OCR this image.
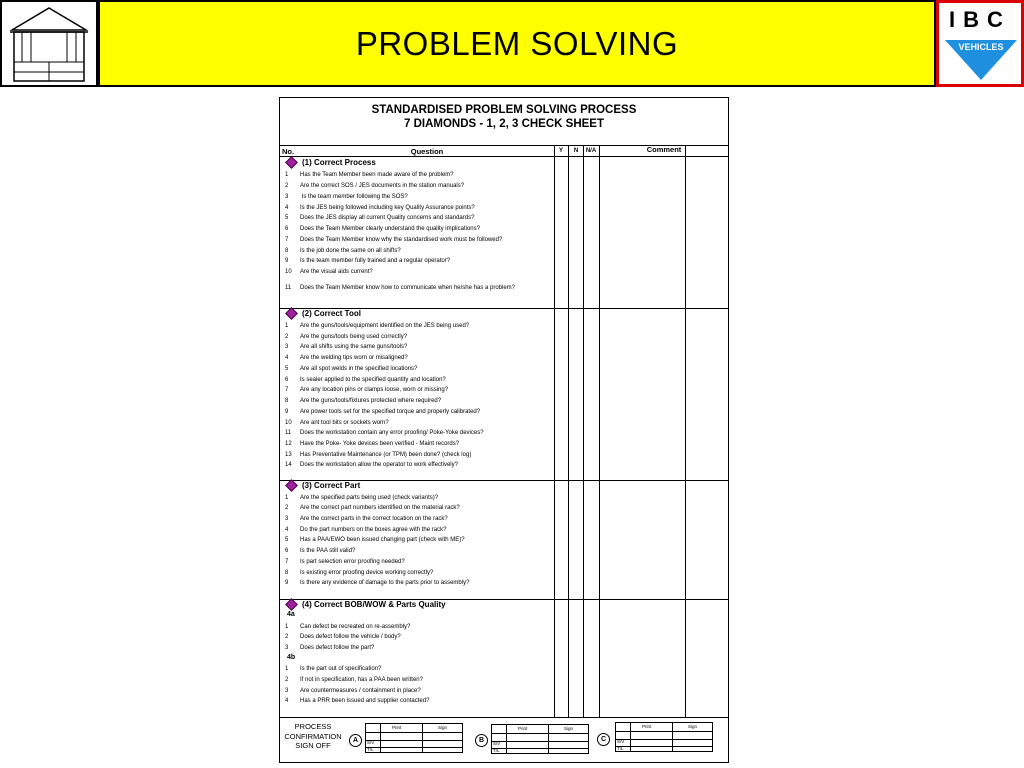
PROBLEM SOLVING
IBC
VEHICLES
STANDARDISED PROBLEM SOLVING PROCESS
7 DIAMONDS - 1, 2, 3 CHECK SHEET
No.	Question	Y	N	N/A	Comment
(1) Correct Process
1 Has the Team Member been made aware of the problem?
2 Are the correct SOS / JES documents in the station manuals?
3 Is the team member following the SOS?
4 Is the JES being followed including key Quality Assurance points?
5 Does the JES display all current Quality concerns and standards?
6 Does the Team Member clearly understand the quality implications?
7 Does the Team Member know why the standardised work must be followed?
8 Is the job done the same on all shifts?
9 Is the team member fully trained and a regular operator?
10 Are the visual aids current?
11 Does the Team Member know how to communicate when he/she has a problem?
(2) Correct Tool
1 Are the guns/tools/equipment identified on the JES being used?
2 Are the guns/tools being used correctly?
3 Are all shifts using the same guns/tools?
4 Are the welding tips worn or misaligned?
5 Are all spot welds in the specified locations?
6 Is sealer applied to the specified quantity and location?
7 Are any location pins or clamps loose, worn or missing?
8 Are the guns/tools/fixtures protected where required?
9 Are power tools set for the specified torque and properly calibrated?
10 Are ant tool bits or sockets worn?
11 Does the workstation contain any error proofing/ Poke-Yoke devices?
12 Have the Poke- Yoke devices been verified - Maint records?
13 Has Preventative Maintenance (or TPM) been done? (check log)
14 Does the workstation allow the operator to work effectively?
(3) Correct Part
1 Are the specified parts being used (check variants)?
2 Are the correct part numbers identified on the material rack?
3 Are the correct parts in the correct location on the rack?
4 Do the part numbers on the boxes agree with the rack?
5 Has a PAA/EWO been issued changing part (check with ME)?
6 Is the PAA still valid?
7 Is part selection error proofing needed?
8 Is existing error proofing device working correctly?
9 Is there any evidence of damage to the parts prior to assembly?
(4) Correct BOB/WOW & Parts Quality
4a
1 Can defect be recreated on re-assembly?
2 Does defect follow the vehicle / body?
3 Does defect follow the part?
4b
1 Is the part out of specification?
2 If not in specification, has a PAA been written?
3 Are countermeasures / containment in place?
4 Has a PRR been issued and supplier contacted?
PROCESS
CONFIRMATION
SIGN OFF
A
Print	Sign
S/V
T/L
B
Print	Sign
S/V
T/L
C
Print	Sign
S/V
T/L
